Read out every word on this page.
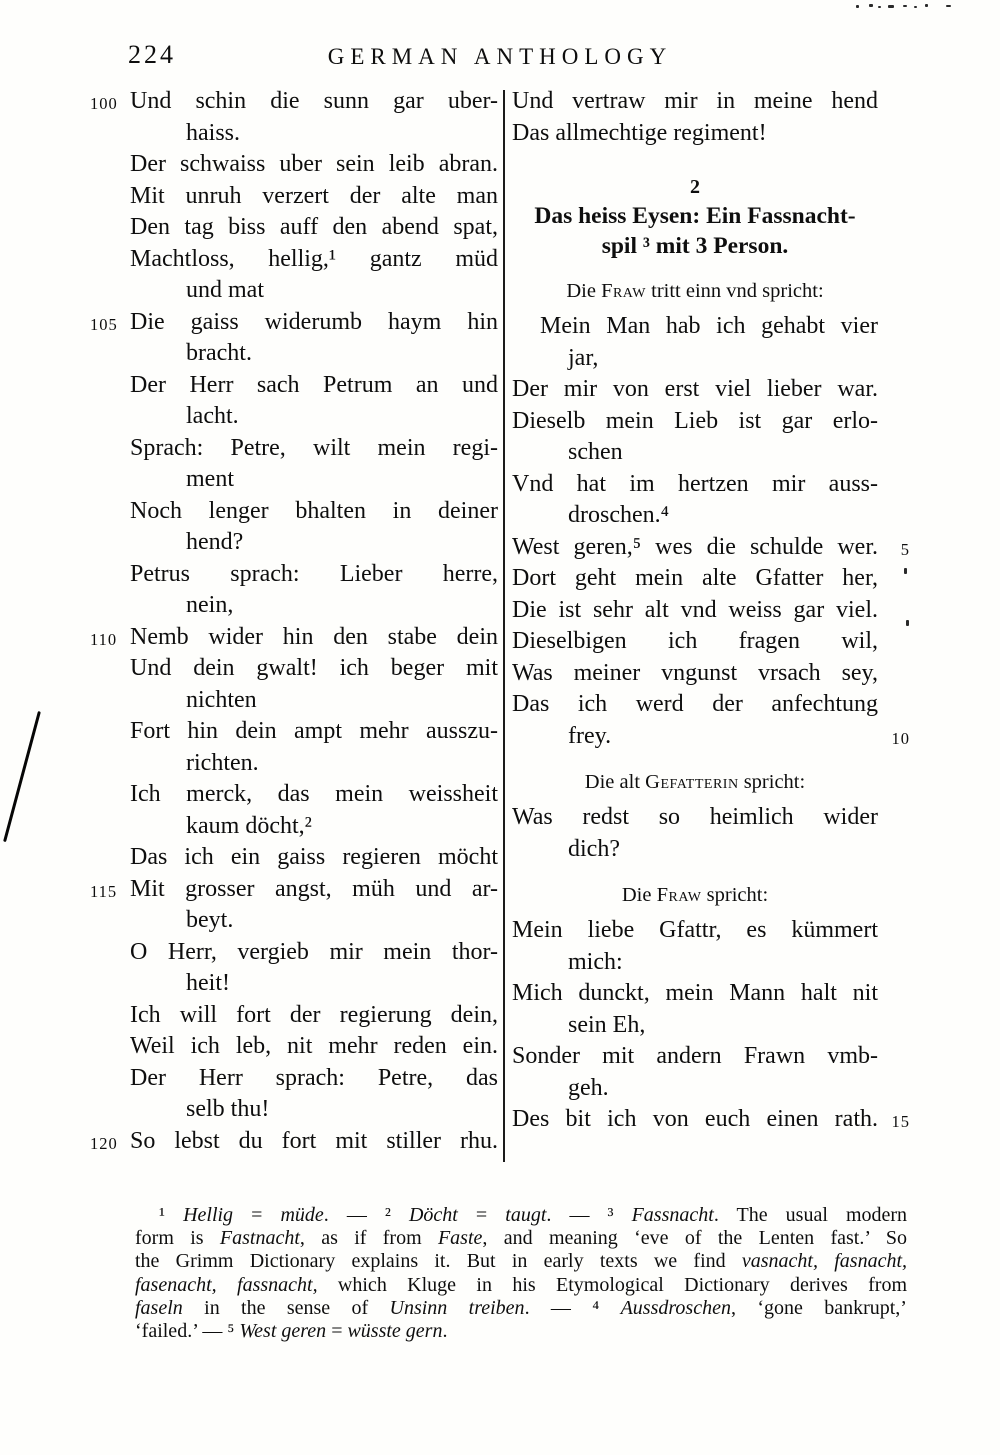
224	GERMAN ANTHOLOGY
100 Und schin die sunn gar uber-
haiss.
Der schwaiss uber sein leib abran.
Mit unruh verzert der alte man
Den tag biss auff den abend spat,
Machtloss, hellig,¹ gantz müd
und mat
105 Die gaiss widerumb haym hin
bracht.
Der Herr sach Petrum an und
lacht.
Sprach: Petre, wilt mein regi-
ment
Noch lenger bhalten in deiner
hend?
Petrus sprach: Lieber herre,
nein,
110 Nemb wider hin den stabe dein
Und dein gwalt! ich beger mit
nichten
Fort hin dein ampt mehr ausszu-
richten.
Ich merck, das mein weissheit
kaum döcht,²
Das ich ein gaiss regieren möcht
115 Mit grosser angst, müh und ar-
beyt.
O Herr, vergieb mir mein thor-
heit!
Ich will fort der regierung dein,
Weil ich leb, nit mehr reden ein.
Der Herr sprach: Petre, das
selb thu!
120 So lebst du fort mit stiller rhu.
Und vertraw mir in meine hend
Das allmechtige regiment!
2
Das heiss Eysen: Ein Fassnacht-
spil ³ mit 3 Person.
Die Fraw tritt einn vnd spricht:
Mein Man hab ich gehabt vier
jar,
Der mir von erst viel lieber war.
Dieselb mein Lieb ist gar erlo-
schen
Vnd hat im hertzen mir auss-
droschen.⁴
West geren,⁵ wes die schulde wer.	5
Dort geht mein alte Gfatter her,
Die ist sehr alt vnd weiss gar viel.
Dieselbigen ich fragen wil,
Was meiner vngunst vrsach sey,
Das ich werd der anfechtung
frey.	10
Die alt Gefatterin spricht:
Was redst so heimlich wider
dich?
Die Fraw spricht:
Mein liebe Gfattr, es kümmert
mich:
Mich dunckt, mein Mann halt nit
sein Eh,
Sonder mit andern Frawn vmb-
geh.
Des bit ich von euch einen rath. 15
¹ Hellig = müde. — ² Döcht = taugt. — ³ Fassnacht. The usual modern
form is Fastnacht, as if from Faste, and meaning ‘eve of the Lenten fast.’ So
the Grimm Dictionary explains it. But in early texts we find vasnacht, fasnacht,
fasenacht, fassnacht, which Kluge in his Etymological Dictionary derives from
faseln in the sense of Unsinn treiben. — ⁴ Aussdroschen, ‘gone bankrupt,’
‘failed.’ — ⁵ West geren = wüsste gern.
